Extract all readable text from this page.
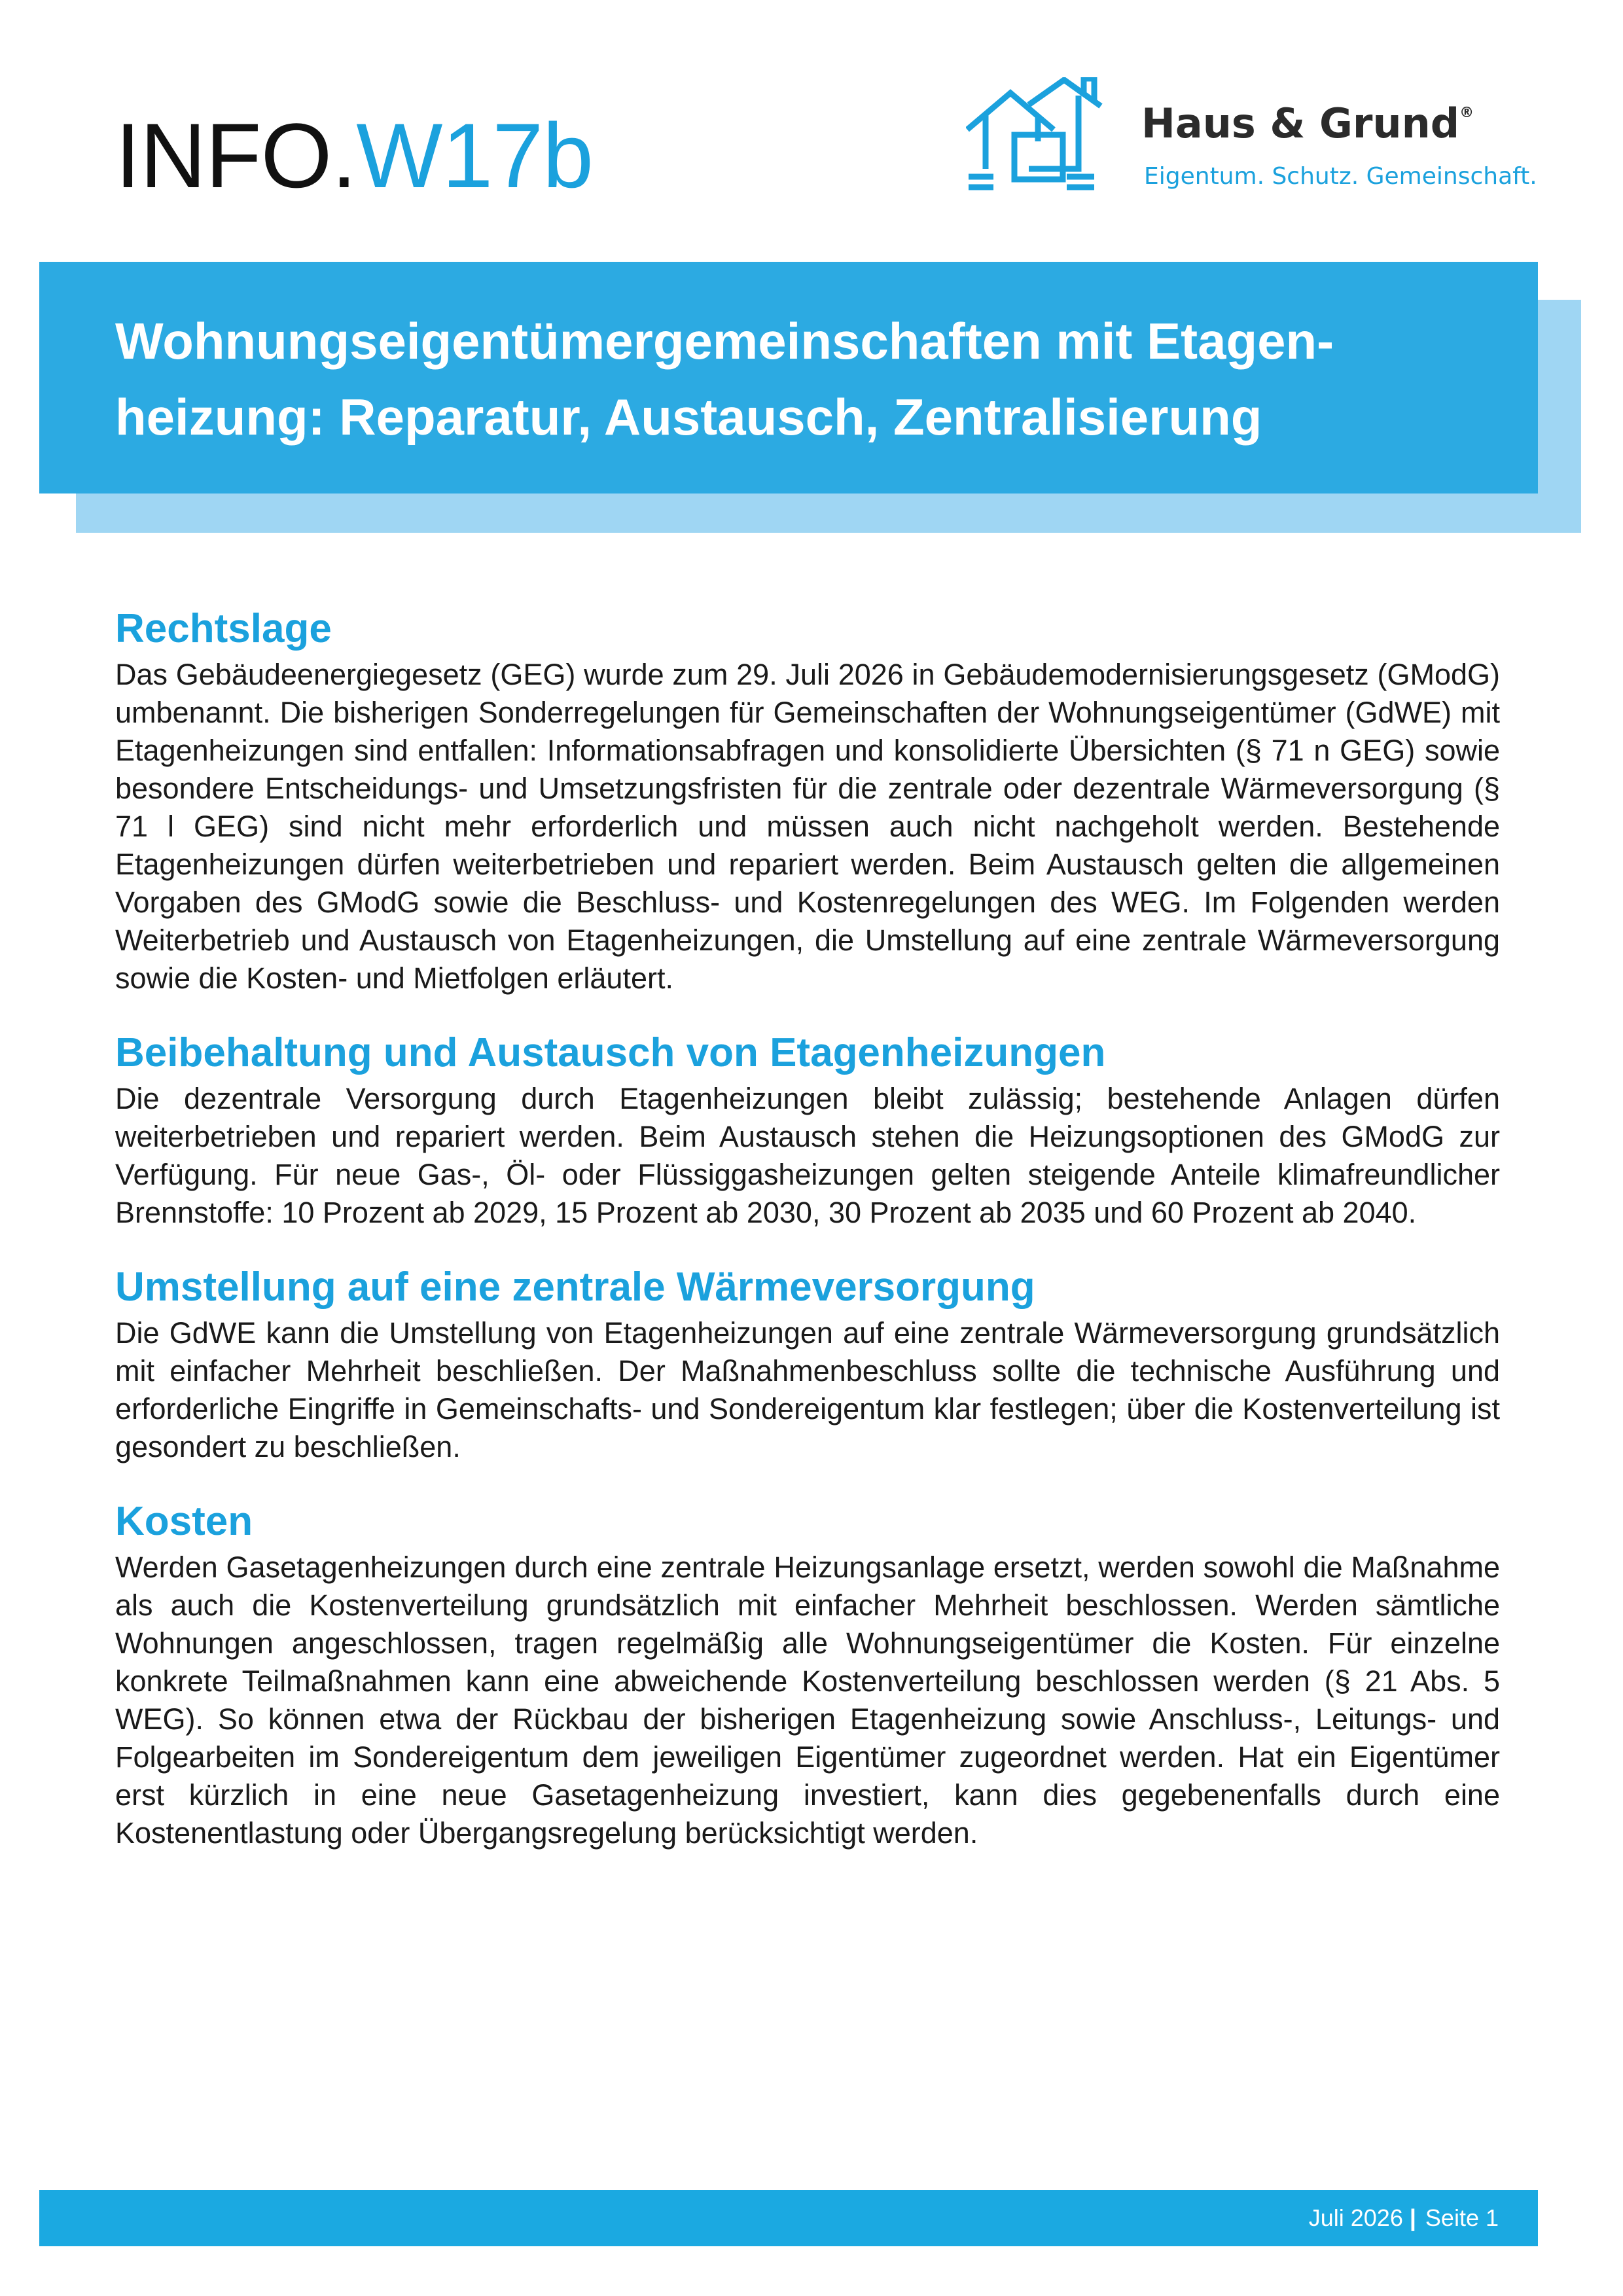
INFO.W17b	Haus & Grund®
Eigentum. Schutz. Gemeinschaft.
Wohnungseigentümergemeinschaften mit Etagen-
heizung: Reparatur, Austausch, Zentralisierung
Rechtslage

Das Gebäudeenergiegesetz (GEG) wurde zum 29. Juli 2026 in Gebäudemodernisierungsgesetz (GModG) umbenannt. Die bisherigen Sonderregelungen für Gemeinschaften der Wohnungseigentümer (GdWE) mit Etagenheizungen sind entfallen: Informationsabfragen und konsolidierte Übersichten (§ 71 n GEG) sowie besondere Entscheidungs- und Umsetzungsfristen für die zentrale oder dezentrale Wärmeversorgung (§ 71 l GEG) sind nicht mehr erforderlich und müssen auch nicht nachgeholt werden. Bestehende Etagenheizungen dürfen weiterbetrieben und repariert werden. Beim Austausch gelten die allgemeinen Vorgaben des GModG sowie die Beschluss- und Kostenregelungen des WEG. Im Folgenden werden Weiterbetrieb und Austausch von Etagenheizungen, die Umstellung auf eine zentrale Wärmeversorgung sowie die Kosten- und Mietfolgen erläutert.

Beibehaltung und Austausch von Etagenheizungen

Die dezentrale Versorgung durch Etagenheizungen bleibt zulässig; bestehende Anlagen dürfen weiterbetrieben und repariert werden. Beim Austausch stehen die Heizungsoptionen des GModG zur Verfügung. Für neue Gas-, Öl- oder Flüssiggasheizungen gelten steigende Anteile klimafreundlicher Brennstoffe: 10 Prozent ab 2029, 15 Prozent ab 2030, 30 Prozent ab 2035 und 60 Prozent ab 2040.

Umstellung auf eine zentrale Wärmeversorgung

Die GdWE kann die Umstellung von Etagenheizungen auf eine zentrale Wärmeversorgung grundsätzlich mit einfacher Mehrheit beschließen. Der Maßnahmenbeschluss sollte die technische Ausführung und erforderliche Eingriffe in Gemeinschafts- und Sondereigentum klar festlegen; über die Kostenverteilung ist gesondert zu beschließen.

Kosten

Werden Gasetagenheizungen durch eine zentrale Heizungsanlage ersetzt, werden sowohl die Maßnahme als auch die Kostenverteilung grundsätzlich mit einfacher Mehrheit beschlossen. Werden sämtliche Wohnungen angeschlossen, tragen regelmäßig alle Wohnungseigentümer die Kosten. Für einzelne konkrete Teilmaßnahmen kann eine abweichende Kostenverteilung beschlossen werden (§ 21 Abs. 5 WEG). So können etwa der Rückbau der bisherigen Etagenheizung sowie Anschluss-, Leitungs- und Folgearbeiten im Sondereigentum dem jeweiligen Eigentümer zugeordnet werden. Hat ein Eigentümer erst kürzlich in eine neue Gasetagenheizung investiert, kann dies gegebenenfalls durch eine Kostenentlastung oder Übergangsregelung berücksichtigt werden.

Juli 2026 | Seite 1
